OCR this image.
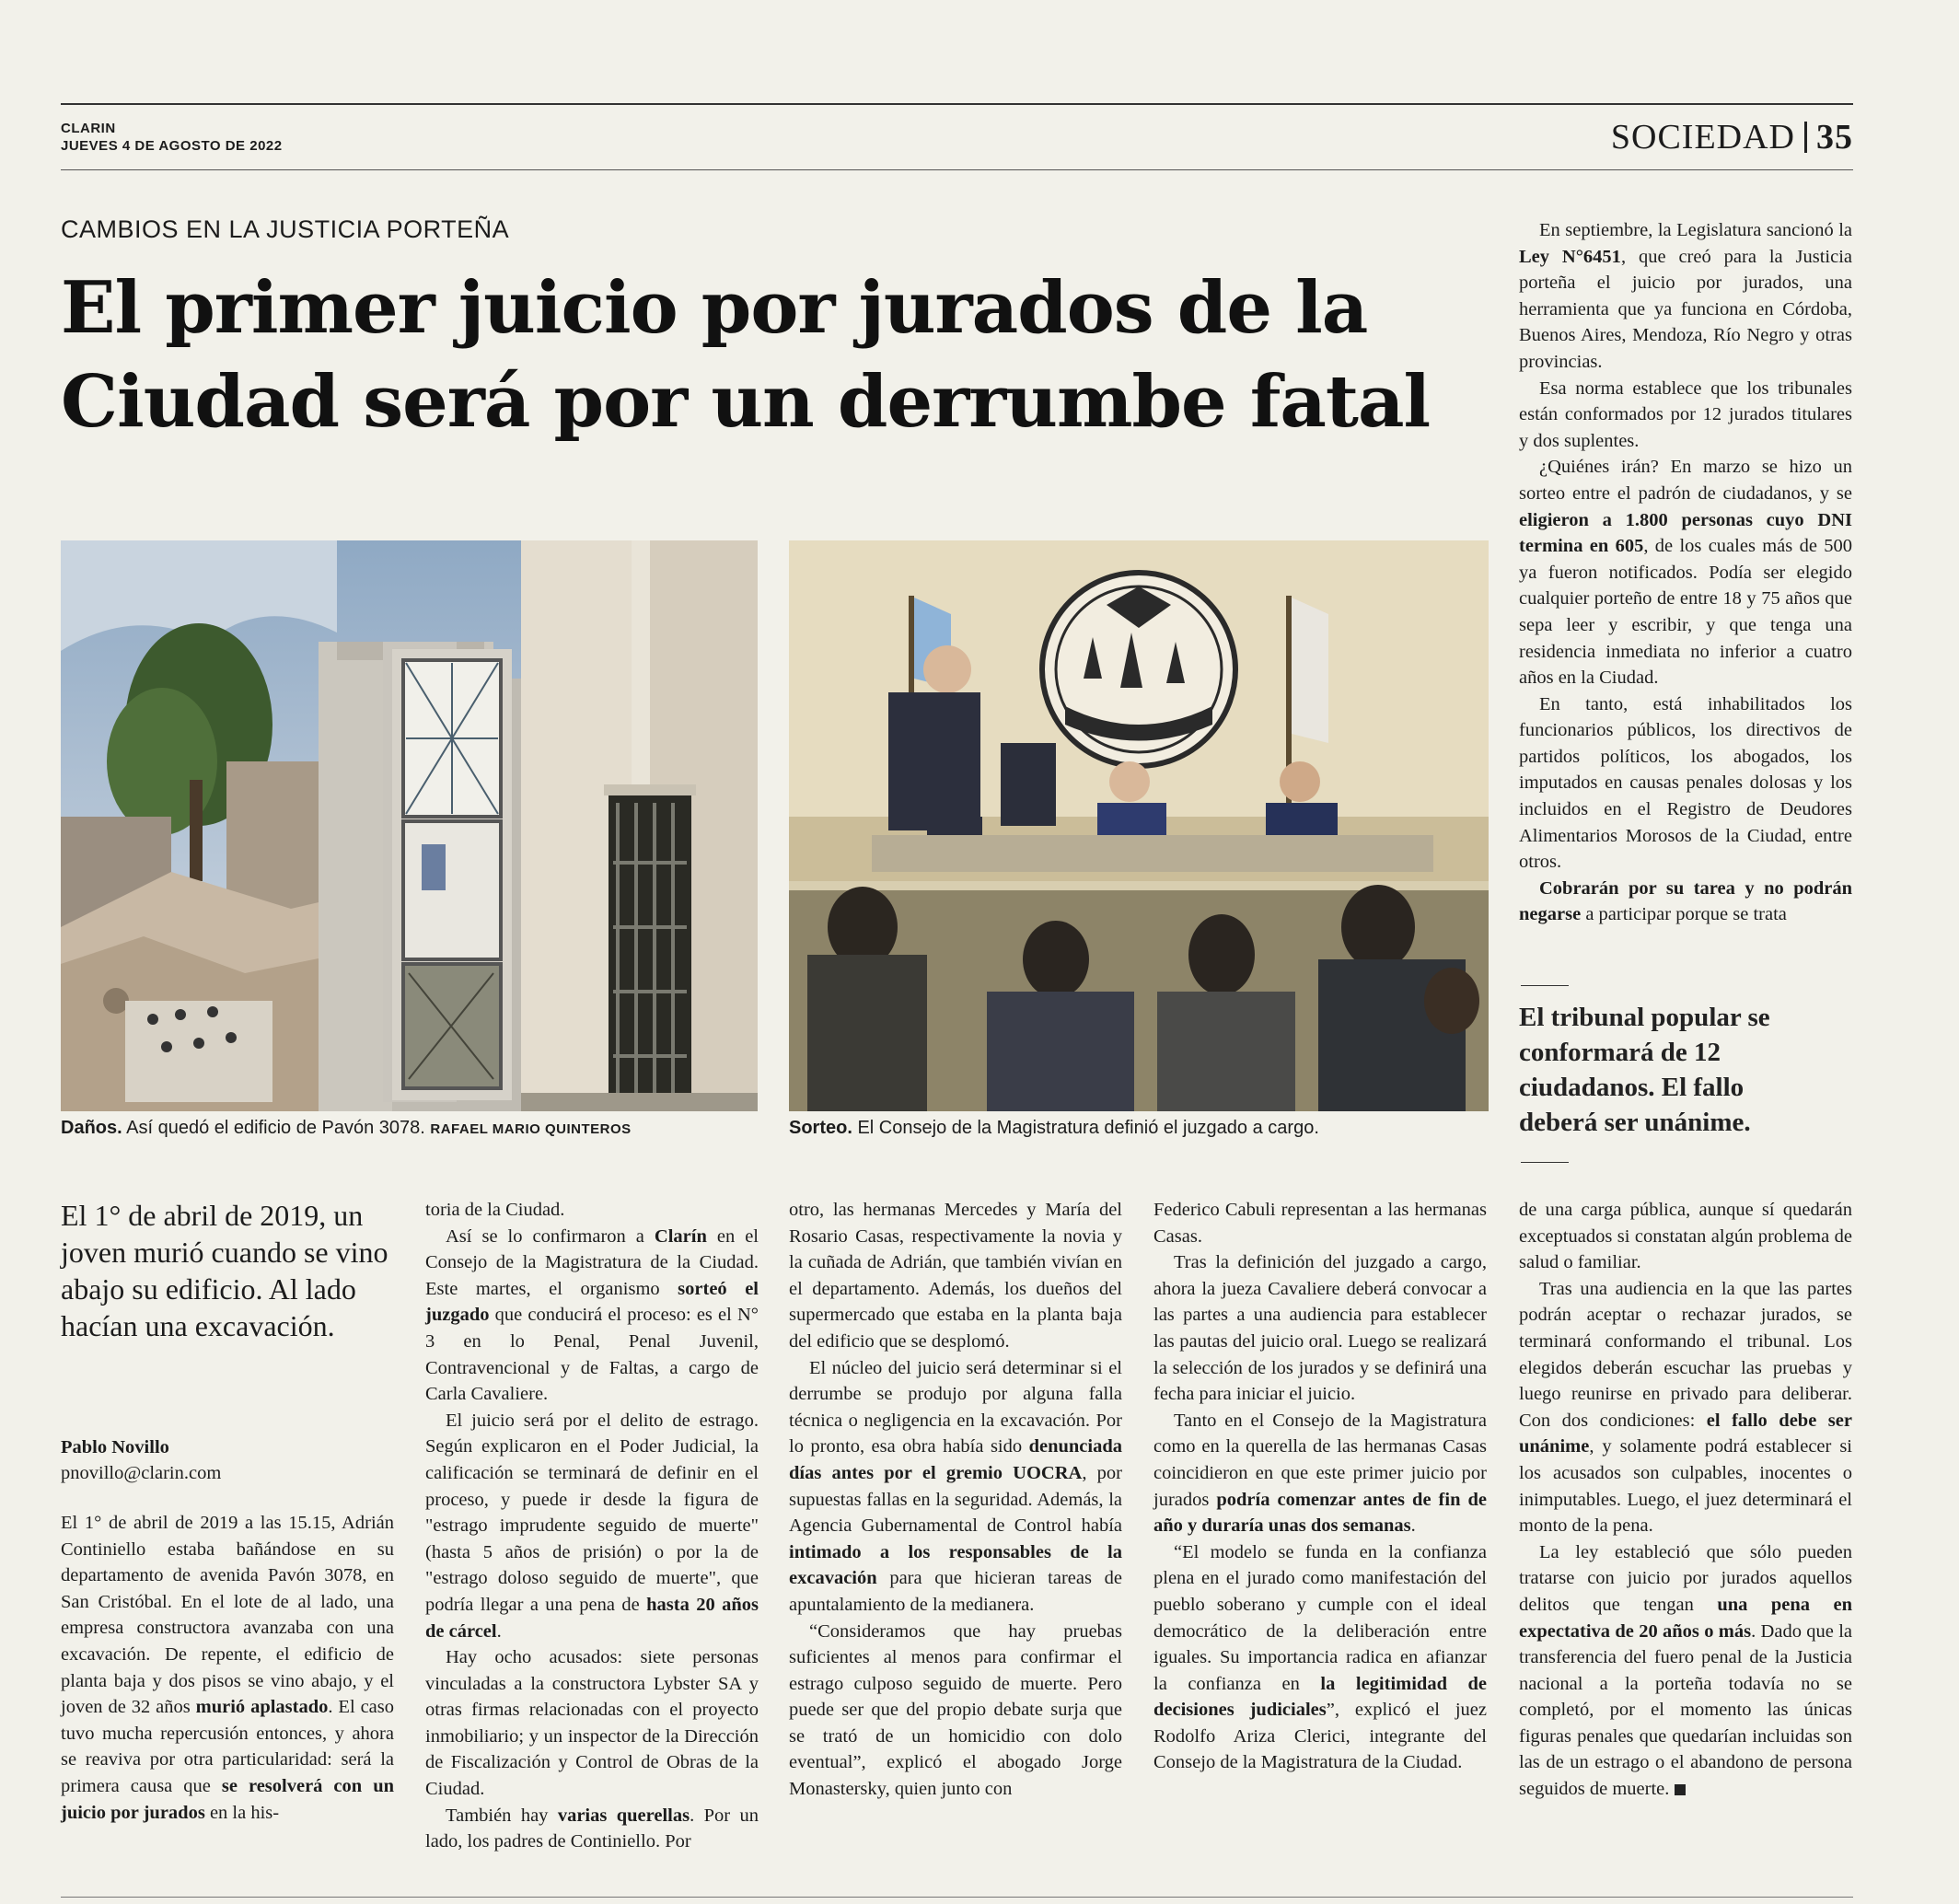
CLARIN
JUEVES 4 DE AGOSTO DE 2022	SOCIEDAD 35
CAMBIOS EN LA JUSTICIA PORTEÑA
El primer juicio por jurados de la
Ciudad será por un derrumbe fatal
Daños. Así quedó el edificio de Pavón 3078. RAFAEL MARIO QUINTEROS	Sorteo. El Consejo de la Magistratura definió el juzgado a cargo.
El 1° de abril de 2019, un joven murió cuando se vino abajo su edificio. Al lado hacían una excavación.
Pablo Novillo
pnovillo@clarin.com

El 1° de abril de 2019 a las 15.15, Adrián Continiello estaba bañándose en su departamento de avenida Pavón 3078, en San Cristóbal. En el lote de al lado, una empresa constructora avanzaba con una excavación. De repente, el edificio de planta baja y dos pisos se vino abajo, y el joven de 32 años murió aplastado. El caso tuvo mucha repercusión entonces, y ahora se reaviva por otra particularidad: será la primera causa que se resolverá con un juicio por jurados en la his-

toria de la Ciudad.

Así se lo confirmaron a Clarín en el Consejo de la Magistratura de la Ciudad. Este martes, el organismo sorteó el juzgado que conducirá el proceso: es el N° 3 en lo Penal, Penal Juvenil, Contravencional y de Faltas, a cargo de Carla Cavaliere.

El juicio será por el delito de estrago. Según explicaron en el Poder Judicial, la calificación se terminará de definir en el proceso, y puede ir desde la figura de "estrago imprudente seguido de muerte" (hasta 5 años de prisión) o por la de "estrago doloso seguido de muerte", que podría llegar a una pena de hasta 20 años de cárcel.

Hay ocho acusados: siete personas vinculadas a la constructora Lybster SA y otras firmas relacionadas con el proyecto inmobiliario; y un inspector de la Dirección de Fiscalización y Control de Obras de la Ciudad.

También hay varias querellas. Por un lado, los padres de Continiello. Por

otro, las hermanas Mercedes y María del Rosario Casas, respectivamente la novia y la cuñada de Adrián, que también vivían en el departamento. Además, los dueños del supermercado que estaba en la planta baja del edificio que se desplomó.

El núcleo del juicio será determinar si el derrumbe se produjo por alguna falla técnica o negligencia en la excavación. Por lo pronto, esa obra había sido denunciada días antes por el gremio UOCRA, por supuestas fallas en la seguridad. Además, la Agencia Gubernamental de Control había intimado a los responsables de la excavación para que hicieran tareas de apuntalamiento de la medianera.

“Consideramos que hay pruebas suficientes al menos para confirmar el estrago culposo seguido de muerte. Pero puede ser que del propio debate surja que se trató de un homicidio con dolo eventual”, explicó el abogado Jorge Monastersky, quien junto con

Federico Cabuli representan a las hermanas Casas.

Tras la definición del juzgado a cargo, ahora la jueza Cavaliere deberá convocar a las partes a una audiencia para establecer las pautas del juicio oral. Luego se realizará la selección de los jurados y se definirá una fecha para iniciar el juicio.

Tanto en el Consejo de la Magistratura como en la querella de las hermanas Casas coincidieron en que este primer juicio por jurados podría comenzar antes de fin de año y duraría unas dos semanas.

“El modelo se funda en la confianza plena en el jurado como manifestación del pueblo soberano y cumple con el ideal democrático de la deliberación entre iguales. Su importancia radica en afianzar la confianza en la legitimidad de decisiones judiciales”, explicó el juez Rodolfo Ariza Clerici, integrante del Consejo de la Magistratura de la Ciudad.

En septiembre, la Legislatura sancionó la Ley N°6451, que creó para la Justicia porteña el juicio por jurados, una herramienta que ya funciona en Córdoba, Buenos Aires, Mendoza, Río Negro y otras provincias.

Esa norma establece que los tribunales están conformados por 12 jurados titulares y dos suplentes.

¿Quiénes irán? En marzo se hizo un sorteo entre el padrón de ciudadanos, y se eligieron a 1.800 personas cuyo DNI termina en 605, de los cuales más de 500 ya fueron notificados. Podía ser elegido cualquier porteño de entre 18 y 75 años que sepa leer y escribir, y que tenga una residencia inmediata no inferior a cuatro años en la Ciudad.

En tanto, está inhabilitados los funcionarios públicos, los directivos de partidos políticos, los abogados, los imputados en causas penales dolosas y los incluidos en el Registro de Deudores Alimentarios Morosos de la Ciudad, entre otros.

Cobrarán por su tarea y no podrán negarse a participar porque se trata

El tribunal popular se conformará de 12 ciudadanos. El fallo deberá ser unánime.

de una carga pública, aunque sí quedarán exceptuados si constatan algún problema de salud o familiar.

Tras una audiencia en la que las partes podrán aceptar o rechazar jurados, se terminará conformando el tribunal. Los elegidos deberán escuchar las pruebas y luego reunirse en privado para deliberar. Con dos condiciones: el fallo debe ser unánime, y solamente podrá establecer si los acusados son culpables, inocentes o inimputables. Luego, el juez determinará el monto de la pena.

La ley estableció que sólo pueden tratarse con juicio por jurados aquellos delitos que tengan una pena en expectativa de 20 años o más. Dado que la transferencia del fuero penal de la Justicia nacional a la porteña todavía no se completó, por el momento las únicas figuras penales que quedarían incluidas son las de un estrago o el abandono de persona seguidos de muerte.
